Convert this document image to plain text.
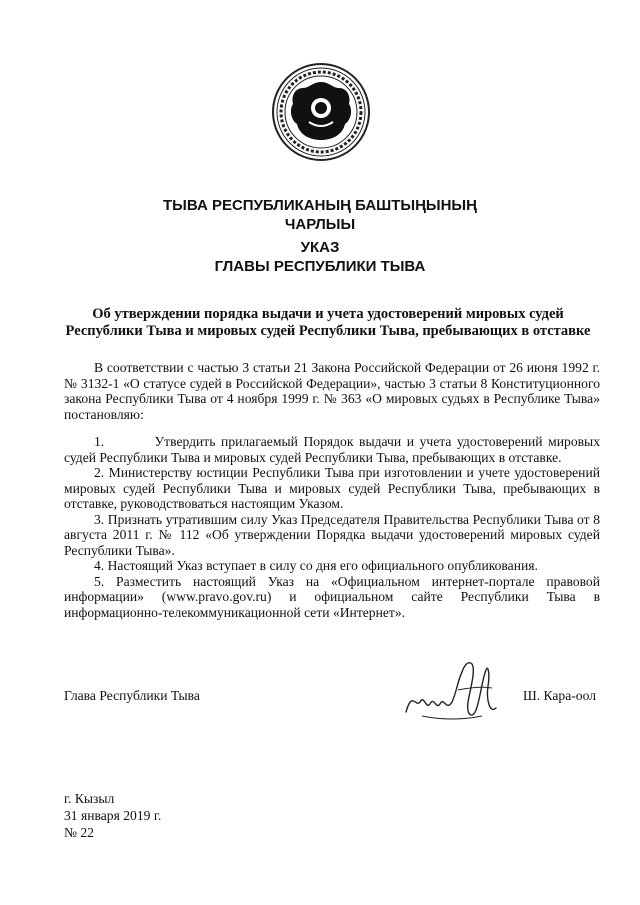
ТЫВА РЕСПУБЛИКАНЫҢ БАШТЫҢЫНЫҢ
ЧАРЛЫЫ
УКАЗ
ГЛАВЫ РЕСПУБЛИКИ ТЫВА
Об утверждении порядка выдачи и учета удостоверений мировых судей
Республики Тыва и мировых судей Республики Тыва, пребывающих в отставке

В соответствии с частью 3 статьи 21 Закона Российской Федерации от 26 июня 1992 г. № 3132-1 «О статусе судей в Российской Федерации», частью 3 статьи 8 Конституционного закона Республики Тыва от 4 ноября 1999 г. № 363 «О мировых судьях в Республике Тыва» постановляю:

1.         Утвердить прилагаемый Порядок выдачи и учета удостоверений мировых судей Республики Тыва и мировых судей Республики Тыва, пребывающих в отставке.

2. Министерству юстиции Республики Тыва при изготовлении и учете удостоверений мировых судей Республики Тыва и мировых судей Республики Тыва, пребывающих в отставке, руководствоваться настоящим Указом.

3. Признать утратившим силу Указ Председателя Правительства Республики Тыва от 8 августа 2011 г. № 112 «Об утверждении Порядка выдачи удостоверений мировых судей Республики Тыва».

4. Настоящий Указ вступает в силу со дня его официального опубликования.

5. Разместить настоящий Указ на «Официальном интернет-портале правовой информации» (www.pravo.gov.ru) и официальном сайте Республики Тыва в информационно-телекоммуникационной сети «Интернет».

Глава Республики Тыва	Ш. Кара-оол
г. Кызыл
31 января 2019 г.
№ 22
